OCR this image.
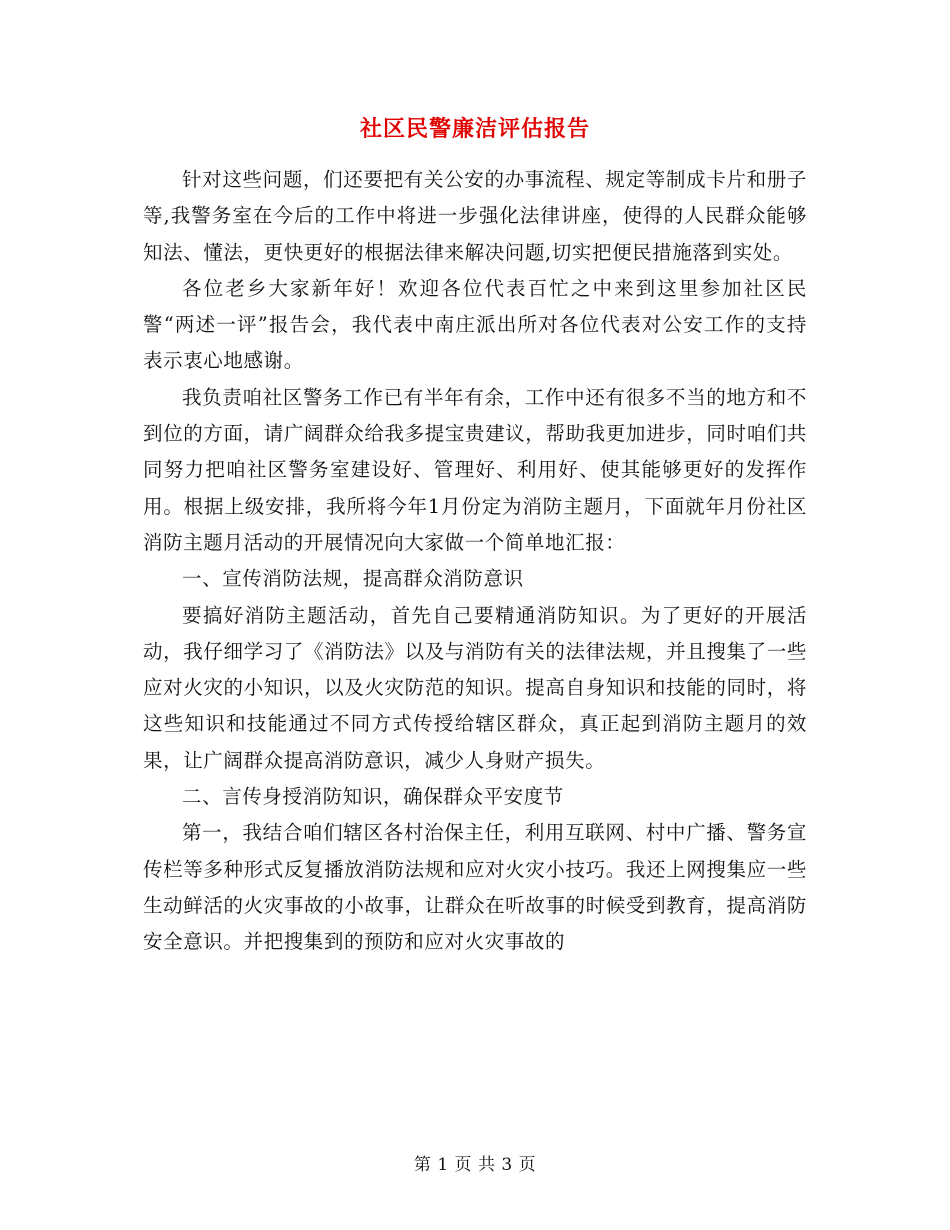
社区民警廉洁评估报告

针对这些问题，们还要把有关公安的办事流程、规定等制成卡片和册子等,我警务室在今后的工作中将进一步强化法律讲座，使得的人民群众能够知法、懂法，更快更好的根据法律来解决问题,切实把便民措施落到实处。

各位老乡大家新年好！欢迎各位代表百忙之中来到这里参加社区民警“两述一评”报告会，我代表中南庄派出所对各位代表对公安工作的支持表示衷心地感谢。

我负责咱社区警务工作已有半年有余，工作中还有很多不当的地方和不到位的方面，请广阔群众给我多提宝贵建议，帮助我更加进步，同时咱们共同努力把咱社区警务室建设好、管理好、利用好、使其能够更好的发挥作用。根据上级安排，我所将今年1月份定为消防主题月，下面就年月份社区消防主题月活动的开展情况向大家做一个简单地汇报：

一、宣传消防法规，提高群众消防意识

要搞好消防主题活动，首先自己要精通消防知识。为了更好的开展活动，我仔细学习了《消防法》以及与消防有关的法律法规，并且搜集了一些应对火灾的小知识，以及火灾防范的知识。提高自身知识和技能的同时，将这些知识和技能通过不同方式传授给辖区群众，真正起到消防主题月的效果，让广阔群众提高消防意识，减少人身财产损失。

二、言传身授消防知识，确保群众平安度节

第一，我结合咱们辖区各村治保主任，利用互联网、村中广播、警务宣传栏等多种形式反复播放消防法规和应对火灾小技巧。我还上网搜集应一些生动鲜活的火灾事故的小故事，让群众在听故事的时候受到教育，提高消防安全意识。并把搜集到的预防和应对火灾事故的

第 1 页 共 3 页
